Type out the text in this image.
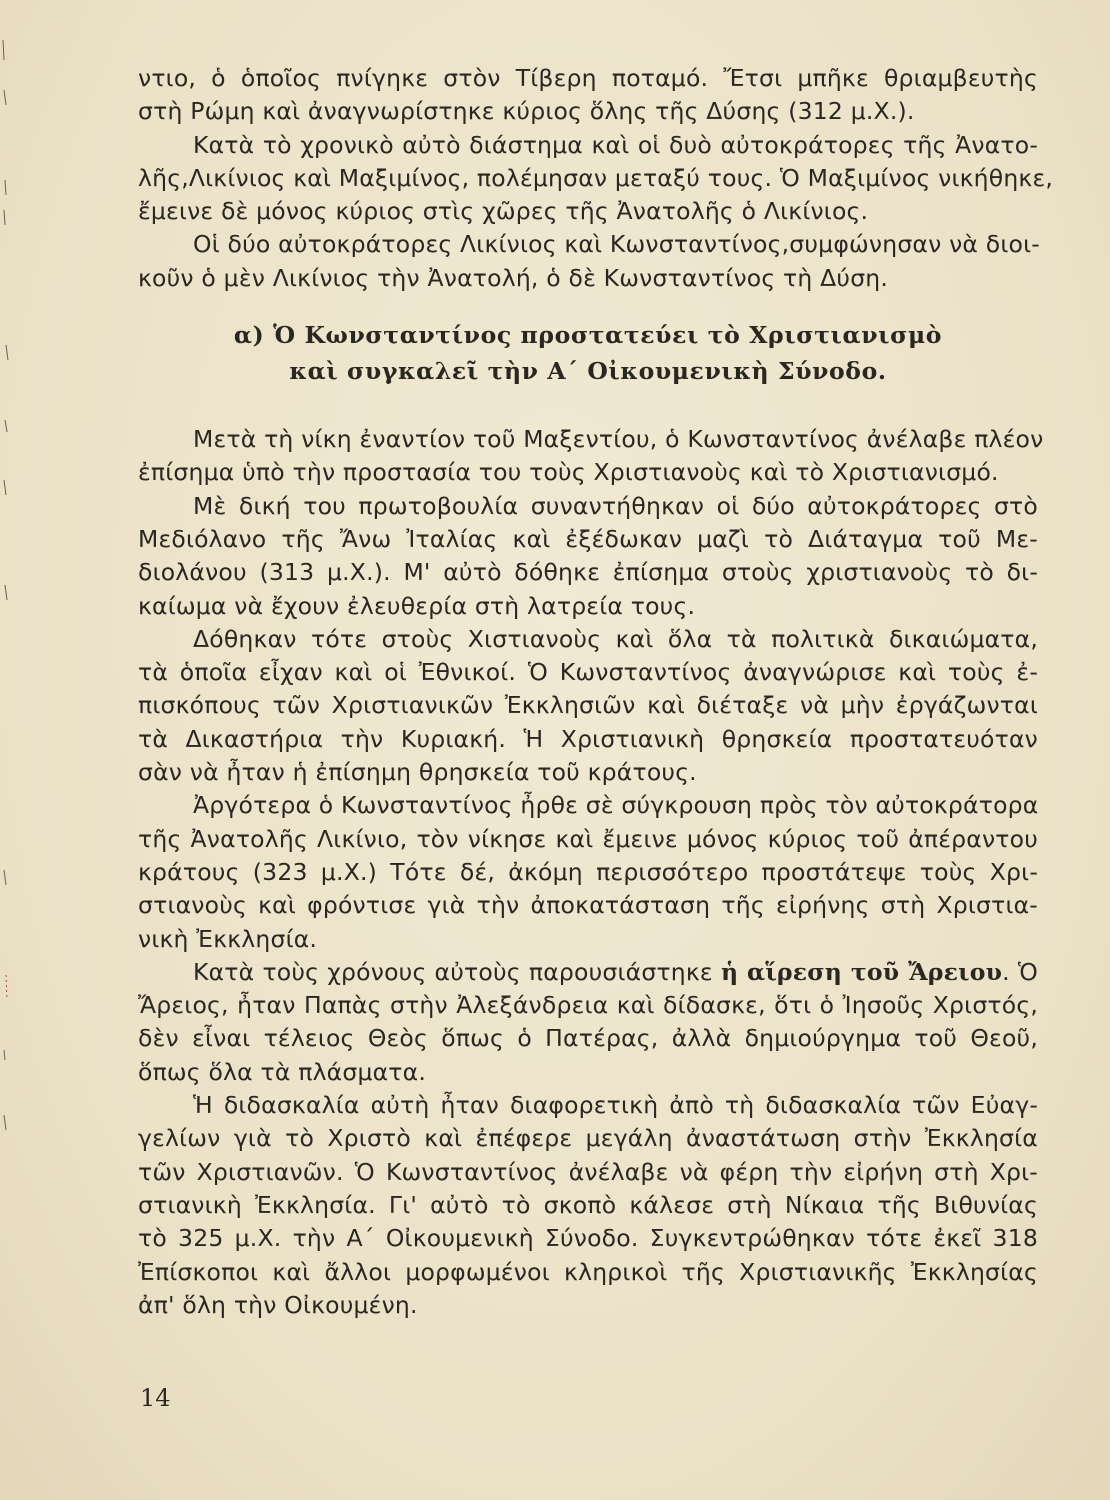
ντιο, ὁ ὁποῖος πνίγηκε στὸν Τίβερη ποταμό. Ἔτσι μπῆκε θριαμβευτὴς
στὴ Ρώμη καὶ ἀναγνωρίστηκε κύριος ὅλης τῆς Δύσης (312 μ.Χ.).
Κατὰ τὸ χρονικὸ αὐτὸ διάστημα καὶ οἱ δυὸ αὐτοκράτορες τῆς Ἀνατο-
λῆς,Λικίνιος καὶ Μαξιμίνος, πολέμησαν μεταξύ τους. Ὁ Μαξιμίνος νικήθηκε,
ἔμεινε δὲ μόνος κύριος στὶς χῶρες τῆς Ἀνατολῆς ὁ Λικίνιος.
Οἱ δύο αὐτοκράτορες Λικίνιος καὶ Κωνσταντίνος,συμφώνησαν νὰ διοι-
κοῦν ὁ μὲν Λικίνιος τὴν Ἀνατολή, ὁ δὲ Κωνσταντίνος τὴ Δύση.
α) Ὁ Κωνσταντίνος προστατεύει τὸ Χριστιανισμὸ
καὶ συγκαλεῖ τὴν Α΄ Οἰκουμενικὴ Σύνοδο.
Μετὰ τὴ νίκη ἐναντίον τοῦ Μαξεντίου, ὁ Κωνσταντίνος ἀνέλαβε πλέον
ἐπίσημα ὑπὸ τὴν προστασία του τοὺς Χριστιανοὺς καὶ τὸ Χριστιανισμό.
Μὲ δική του πρωτοβουλία συναντήθηκαν οἱ δύο αὐτοκράτορες στὸ
Μεδιόλανο τῆς Ἄνω Ἰταλίας καὶ ἐξέδωκαν μαζὶ τὸ Διάταγμα τοῦ Με-
διολάνου (313 μ.Χ.). Μ' αὐτὸ δόθηκε ἐπίσημα στοὺς χριστιανοὺς τὸ δι-
καίωμα νὰ ἔχουν ἐλευθερία στὴ λατρεία τους.
Δόθηκαν τότε στοὺς Χιστιανοὺς καὶ ὅλα τὰ πολιτικὰ δικαιώματα,
τὰ ὁποῖα εἶχαν καὶ οἱ Ἐθνικοί. Ὁ Κωνσταντίνος ἀναγνώρισε καὶ τοὺς ἐ-
πισκόπους τῶν Χριστιανικῶν Ἐκκλησιῶν καὶ διέταξε νὰ μὴν ἐργάζωνται
τὰ Δικαστήρια τὴν Κυριακή. Ἡ Χριστιανικὴ θρησκεία προστατευόταν
σὰν νὰ ἦταν ἡ ἐπίσημη θρησκεία τοῦ κράτους.
Ἀργότερα ὁ Κωνσταντίνος ἦρθε σὲ σύγκρουση πρὸς τὸν αὐτοκράτορα
τῆς Ἀνατολῆς Λικίνιο, τὸν νίκησε καὶ ἔμεινε μόνος κύριος τοῦ ἀπέραντου
κράτους (323 μ.Χ.) Τότε δέ, ἀκόμη περισσότερο προστάτεψε τοὺς Χρι-
στιανοὺς καὶ φρόντισε γιὰ τὴν ἀποκατάσταση τῆς εἰρήνης στὴ Χριστια-
νικὴ Ἐκκλησία.
Κατὰ τοὺς χρόνους αὐτοὺς παρουσιάστηκε ἡ αἵρεση τοῦ Ἄρειου. Ὁ
Ἄρειος, ἦταν Παπὰς στὴν Ἀλεξάνδρεια καὶ δίδασκε, ὅτι ὁ Ἰησοῦς Χριστός,
δὲν εἶναι τέλειος Θεὸς ὅπως ὁ Πατέρας, ἀλλὰ δημιούργημα τοῦ Θεοῦ,
ὅπως ὅλα τὰ πλάσματα.
Ἡ διδασκαλία αὐτὴ ἦταν διαφορετικὴ ἀπὸ τὴ διδασκαλία τῶν Εὐαγ-
γελίων γιὰ τὸ Χριστὸ καὶ ἐπέφερε μεγάλη ἀναστάτωση στὴν Ἐκκλησία
τῶν Χριστιανῶν. Ὁ Κωνσταντίνος ἀνέλαβε νὰ φέρη τὴν εἰρήνη στὴ Χρι-
στιανικὴ Ἐκκλησία. Γι' αὐτὸ τὸ σκοπὸ κάλεσε στὴ Νίκαια τῆς Βιθυνίας
τὸ 325 μ.Χ. τὴν Α΄ Οἰκουμενικὴ Σύνοδο. Συγκεντρώθηκαν τότε ἐκεῖ 318
Ἐπίσκοποι καὶ ἄλλοι μορφωμένοι κληρικοὶ τῆς Χριστιανικῆς Ἐκκλησίας
ἀπ' ὅλη τὴν Οἰκουμένη.
14
